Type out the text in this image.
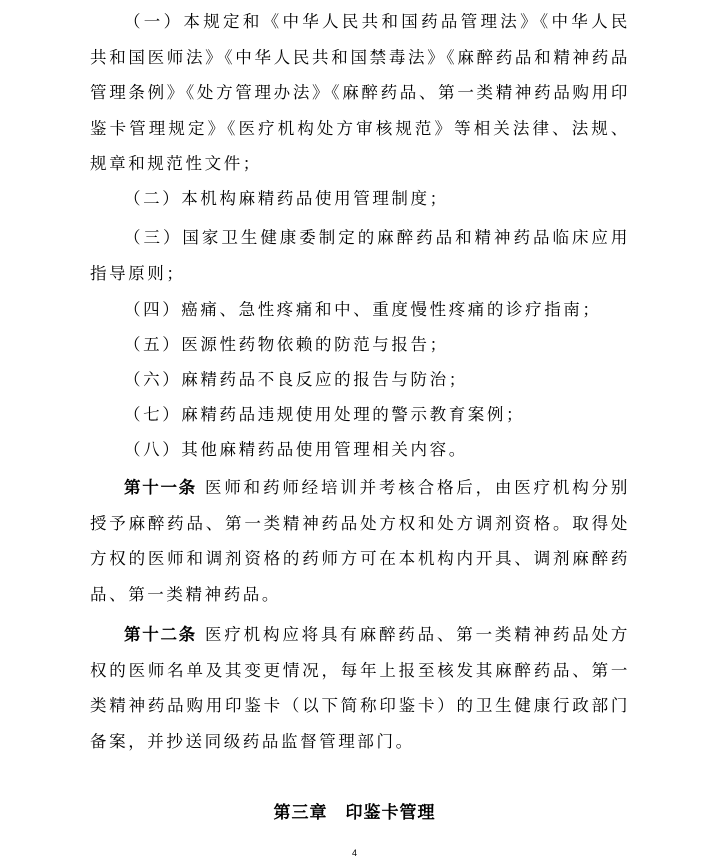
（一）本规定和《中华人民共和国药品管理法》《中华人民共和国医师法》《中华人民共和国禁毒法》《麻醉药品和精神药品管理条例》《处方管理办法》《麻醉药品、第一类精神药品购用印鉴卡管理规定》《医疗机构处方审核规范》等相关法律、法规、规章和规范性文件；

（二）本机构麻精药品使用管理制度；

（三）国家卫生健康委制定的麻醉药品和精神药品临床应用指导原则；

（四）癌痛、急性疼痛和中、重度慢性疼痛的诊疗指南；

（五）医源性药物依赖的防范与报告；

（六）麻精药品不良反应的报告与防治；

（七）麻精药品违规使用处理的警示教育案例；

（八）其他麻精药品使用管理相关内容。

第十一条 医师和药师经培训并考核合格后，由医疗机构分别授予麻醉药品、第一类精神药品处方权和处方调剂资格。取得处方权的医师和调剂资格的药师方可在本机构内开具、调剂麻醉药品、第一类精神药品。

第十二条 医疗机构应将具有麻醉药品、第一类精神药品处方权的医师名单及其变更情况，每年上报至核发其麻醉药品、第一类精神药品购用印鉴卡（以下简称印鉴卡）的卫生健康行政部门备案，并抄送同级药品监督管理部门。

第三章 印鉴卡管理
4
